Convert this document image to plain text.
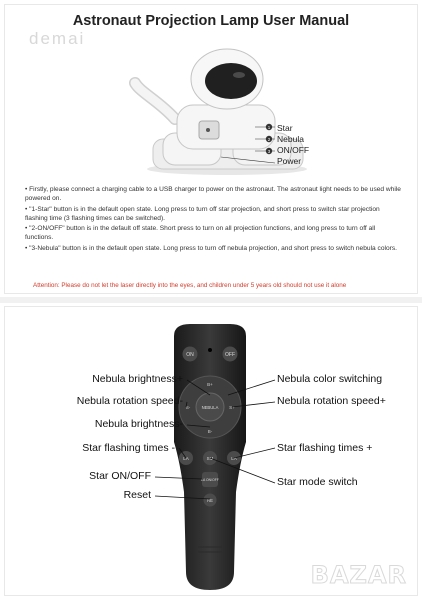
demai
Astronaut Projection Lamp User Manual
1
2
3
Star
Nebula
ON/OFF
Power

• Firstly, please connect a charging cable to a USB charger to power on the astronaut. The astronaut light needs to be used while powered on.

• "1-Star" button is in the default open state. Long press to turn off star projection, and short press to switch star projection flashing time (3 flashing times can be switched).

• "2-ON/OFF" button is in the default off state. Short press to turn on all projection functions, and long press to turn off all functions.

• "3-Nebula" button is in the default open state. Long press to turn off nebula projection, and short press to switch nebula colors.

Attention: Please do not let the laser directly into the eyes, and children under 5 years old should not use it alone
ON	OFF
NEBULA
B+
B-
S-	S+
LA	SM	LA
LA ON/OFF
RE
Nebula brightness+
Nebula rotation speed-
Nebula brightness-
Star flashing times -
Star ON/OFF
Reset
Nebula color switching
Nebula rotation speed+
Star flashing times +
Star mode switch
BAZAR
